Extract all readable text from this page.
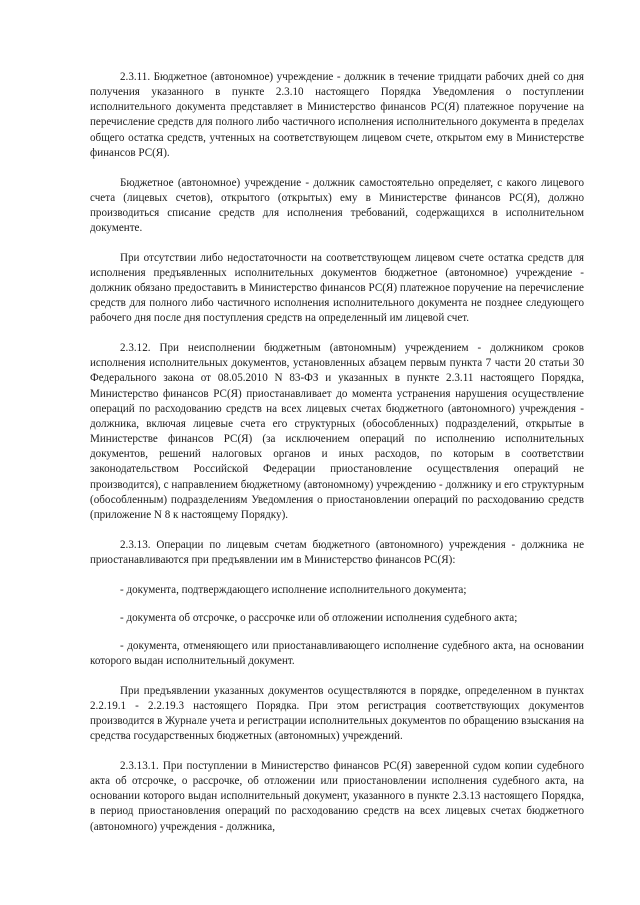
2.3.11. Бюджетное (автономное) учреждение - должник в течение тридцати рабочих дней со дня получения указанного в пункте 2.3.10 настоящего Порядка Уведомления о поступлении исполнительного документа представляет в Министерство финансов РС(Я) платежное поручение на перечисление средств для полного либо частичного исполнения исполнительного документа в пределах общего остатка средств, учтенных на соответствующем лицевом счете, открытом ему в Министерстве финансов РС(Я).

Бюджетное (автономное) учреждение - должник самостоятельно определяет, с какого лицевого счета (лицевых счетов), открытого (открытых) ему в Министерстве финансов РС(Я), должно производиться списание средств для исполнения требований, содержащихся в исполнительном документе.

При отсутствии либо недостаточности на соответствующем лицевом счете остатка средств для исполнения предъявленных исполнительных документов бюджетное (автономное) учреждение - должник обязано предоставить в Министерство финансов РС(Я) платежное поручение на перечисление средств для полного либо частичного исполнения исполнительного документа не позднее следующего рабочего дня после дня поступления средств на определенный им лицевой счет.

2.3.12. При неисполнении бюджетным (автономным) учреждением - должником сроков исполнения исполнительных документов, установленных абзацем первым пункта 7 части 20 статьи 30 Федерального закона от 08.05.2010 N 83-ФЗ и указанных в пункте 2.3.11 настоящего Порядка, Министерство финансов РС(Я) приостанавливает до момента устранения нарушения осуществление операций по расходованию средств на всех лицевых счетах бюджетного (автономного) учреждения - должника, включая лицевые счета его структурных (обособленных) подразделений, открытые в Министерстве финансов РС(Я) (за исключением операций по исполнению исполнительных документов, решений налоговых органов и иных расходов, по которым в соответствии законодательством Российской Федерации приостановление осуществления операций не производится), с направлением бюджетному (автономному) учреждению - должнику и его структурным (обособленным) подразделениям Уведомления о приостановлении операций по расходованию средств (приложение N 8 к настоящему Порядку).

2.3.13. Операции по лицевым счетам бюджетного (автономного) учреждения - должника не приостанавливаются при предъявлении им в Министерство финансов РС(Я):

- документа, подтверждающего исполнение исполнительного документа;

- документа об отсрочке, о рассрочке или об отложении исполнения судебного акта;

- документа, отменяющего или приостанавливающего исполнение судебного акта, на основании которого выдан исполнительный документ.

При предъявлении указанных документов осуществляются в порядке, определенном в пунктах 2.2.19.1 - 2.2.19.3 настоящего Порядка. При этом регистрация соответствующих документов производится в Журнале учета и регистрации исполнительных документов по обращению взыскания на средства государственных бюджетных (автономных) учреждений.

2.3.13.1. При поступлении в Министерство финансов РС(Я) заверенной судом копии судебного акта об отсрочке, о рассрочке, об отложении или приостановлении исполнения судебного акта, на основании которого выдан исполнительный документ, указанного в пункте 2.3.13 настоящего Порядка, в период приостановления операций по расходованию средств на всех лицевых счетах бюджетного (автономного) учреждения - должника,
